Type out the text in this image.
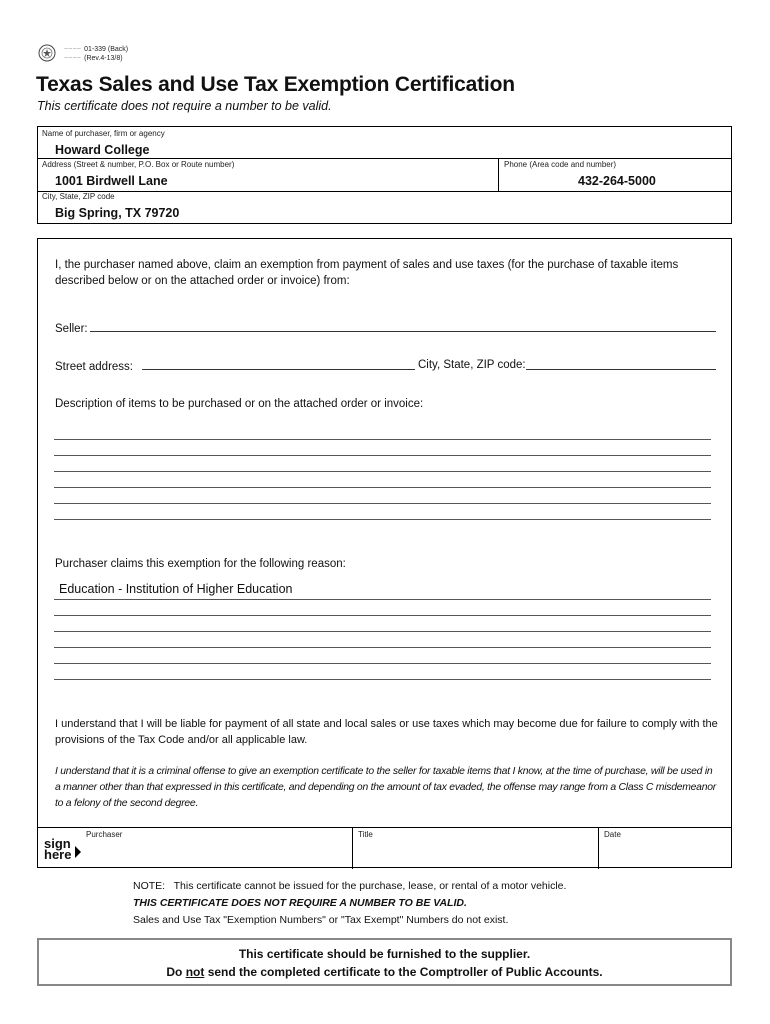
~~~~ 01-339 (Back)
~~~~ (Rev.4-13/8)
Texas Sales and Use Tax Exemption Certification
This certificate does not require a number to be valid.
Name of purchaser, firm or agency
Howard College
Address (Street & number, P.O. Box or Route number)
1001 Birdwell Lane
Phone (Area code and number)
432-264-5000
City, State, ZIP code
Big Spring, TX 79720
I, the purchaser named above, claim an exemption from payment of sales and use taxes (for the purchase of taxable items described below or on the attached order or invoice) from:
Seller:
Street address:	City, State, ZIP code:
Description of items to be purchased or on the attached order or invoice:
Purchaser claims this exemption for the following reason:
Education - Institution of Higher Education
I understand that I will be liable for payment of all state and local sales or use taxes which may become due for failure to comply with the provisions of the Tax Code and/or all applicable law.
I understand that it is a criminal offense to give an exemption certificate to the seller for taxable items that I know, at the time of purchase, will be used in a manner other than that expressed in this certificate, and depending on the amount of tax evaded, the offense may range from a Class C misdemeanor to a felony of the second degree.
sign
here
Purchaser	Title	Date
NOTE:   This certificate cannot be issued for the purchase, lease, or rental of a motor vehicle.
THIS CERTIFICATE DOES NOT REQUIRE A NUMBER TO BE VALID.
Sales and Use Tax "Exemption Numbers" or "Tax Exempt" Numbers do not exist.
This certificate should be furnished to the supplier.
Do not send the completed certificate to the Comptroller of Public Accounts.
